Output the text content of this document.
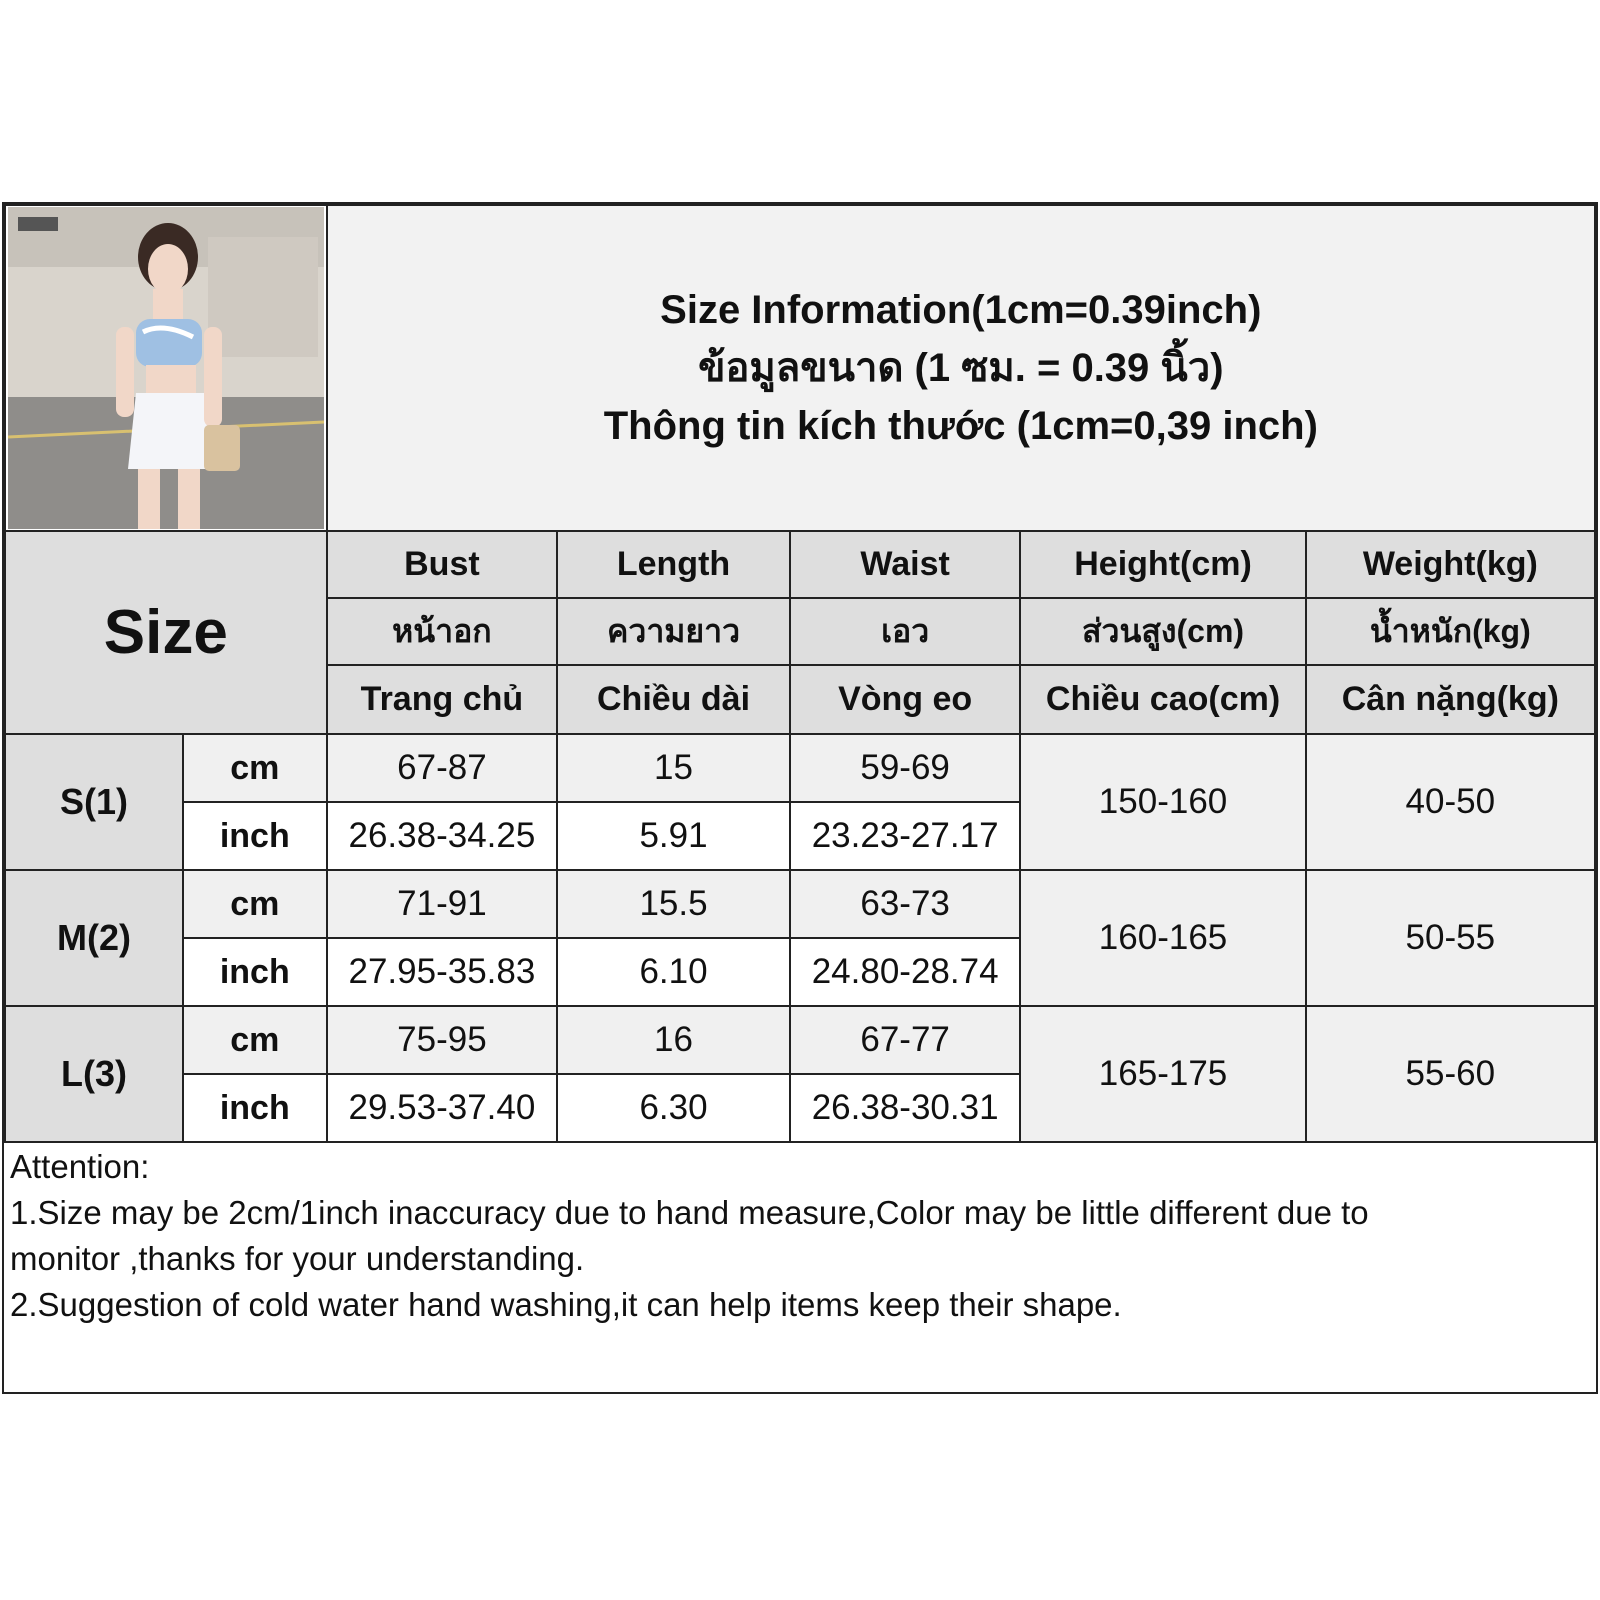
Size Information(1cm=0.39inch)
ข้อมูลขนาด (1 ซม. = 0.39 นิ้ว)
Thông tin kích thước (1cm=0,39 inch)				

Size		Bust	Length	Waist	Height(cm)	Weight(kg)
		หน้าอก	ความยาว	เอว	ส่วนสูง(cm)	น้ำหนัก(kg)
		Trang chủ	Chiều dài	Vòng eo	Chiều cao(cm)	Cân nặng(kg)
S(1)	cm	67-87	15	59-69	150-160	40-50
	inch	26.38-34.25	5.91	23.23-27.17		
M(2)	cm	71-91	15.5	63-73	160-165	50-55
	inch	27.95-35.83	6.10	24.80-28.74		
L(3)	cm	75-95	16	67-77	165-175	55-60
	inch	29.53-37.40	6.30	26.38-30.31		
Attention:
1.Size may be 2cm/1inch inaccuracy due to hand measure,Color may be little different due to
monitor ,thanks for your understanding.
2.Suggestion of cold water hand washing,it can help items keep their shape.
